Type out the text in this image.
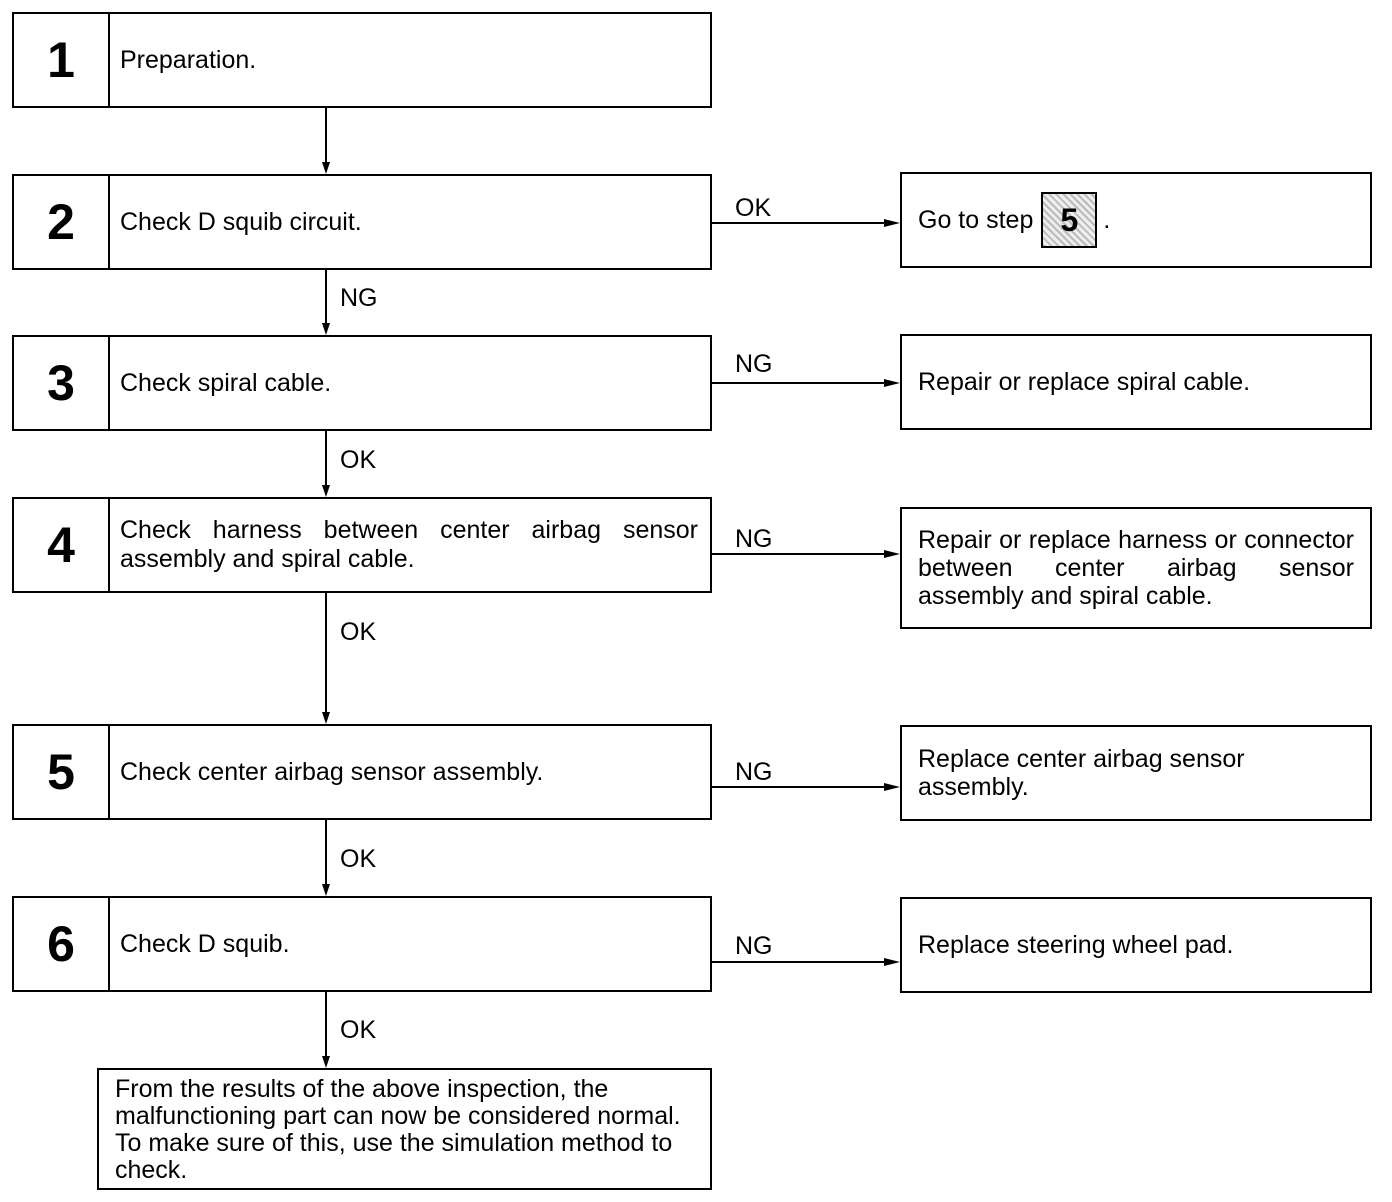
1	Preparation.
2	Check D squib circuit.
3	Check spiral cable.
4	Check harness between center airbag sensor assembly and spiral cable.
5	Check center airbag sensor assembly.
6	Check D squib.
NG
OK
OK
OK
OK
OK
NG
NG
NG
NG
Go to step 5	.
Repair or replace spiral cable.
Repair or replace harness or connector between center airbag sensor assembly and spiral cable.
Replace center airbag sensor assembly.
Replace steering wheel pad.
From the results of the above inspection, the malfunctioning part can now be considered normal. To make sure of this, use the simulation method to check.
